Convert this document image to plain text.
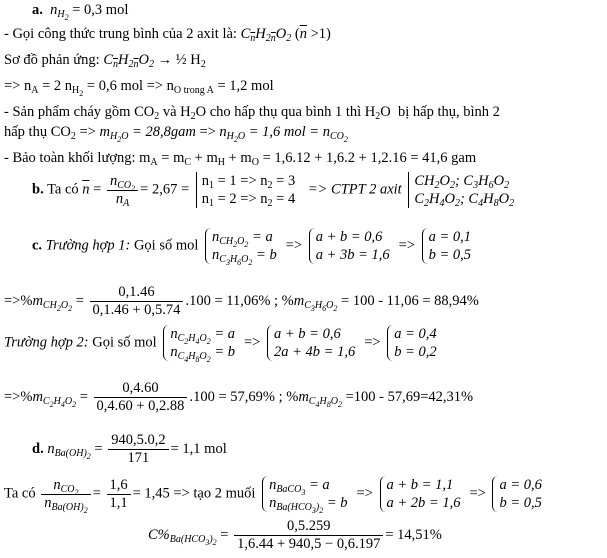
a.  $n_{H_2} = 0,3$ mol
- Gọi công thức trung bình của 2 axit là: $C_{\overline{n}}H_{2\overline{n}}O_2$ $(\overline{n} >1)$
Sơ đồ phản ứng: $C_{\overline{n}}H_{2\overline{n}}O_2$ → ½ $H_2$
=> $n_A = 2$ $n_{H_2} = 0,6$ mol => $n_{O trong A} = 1,2$ mol
- Sản phẩm cháy gồm $CO_2$ và $H_2O$ cho hấp thụ qua bình 1 thì $H_2O$  bị hấp thụ, bình 2
hấp thụ $CO_2 => m_{H_2O} = 28,8gam => n_{H_2O} = 1,6$ mol = $n_{CO_2}$
- Bảo toàn khối lượng: $m_A = m_C + m_H + m_O = 1,6.12 + 1,6.2 + 1,2.16 = 41,6$ gam
b. Ta có $\overline{n} = \frac{n_{CO_2}}{n_A} = 2,67$ =
$n_1 = 1 => n_2 = 3$
$n_1 = 2 => n_2 = 4$
=> CTPT 2 axit
$CH_2O_2$; $C_3H_6O_2$
$C_2H_4O_2$; $C_4H_8O_2$
c. Trường hợp 1: Gọi số mol
$n_{CH_2O_2} = a$
$n_{C_3H_6O_2} = b$
=>
a + b = 0,6
a + 3b = 1,6
=>
a = 0,1
b = 0,5
$=>\%m_{CH_2O_2} = \frac{0,1.46}{0,1.46 + 0,5.74} .100 = 11,06\%$ ; $\%m_{C_3H_6O_2} = 100 - 11,06 = 88,94\%$
Trường hợp 2: Gọi số mol
$n_{C_2H_4O_2} = a$
$n_{C_4H_8O_2} = b$
=>
a + b = 0,6
2a + 4b = 1,6
=>
a = 0,4
b = 0,2
$=>\%m_{C_2H_4O_2} = \frac{0,4.60}{0,4.60 + 0,2.88} .100 = 57,69\%$ ; $\%m_{C_4H_8O_2} =100 - 57,69=42,31\%$
d. $n_{Ba(OH)_2} = \frac{940,5.0,2}{171} = 1,1$ mol
Ta có $\frac{n_{CO_2}}{n_{Ba(OH)_2}} = \frac{1,6}{1,1} = 1,45$ => tạo 2 muối
$n_{BaCO_3} = a$
$n_{Ba(HCO_3)_2} = b$
=>
a + b = 1,1
a + 2b = 1,6
=>
a = 0,6
b = 0,5
$C\%_{Ba(HCO_3)_2} = \frac{0,5.259}{1,6.44 + 940,5 - 0,6.197} = 14,51\%$
